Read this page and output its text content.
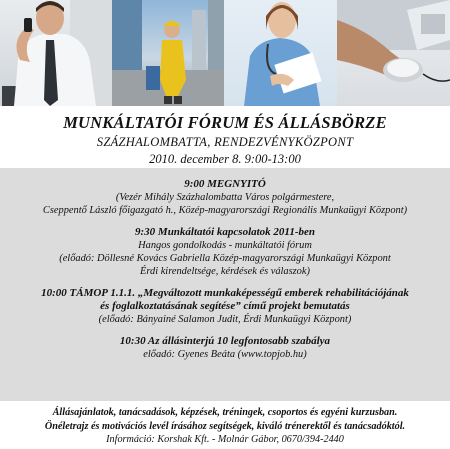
MUNKÁLTATÓI FÓRUM ÉS ÁLLÁSBÖRZE
SZÁZHALOMBATTA, RENDEZVÉNYKÖZPONT
2010. december 8. 9:00-13:00
9:00 MEGNYITÓ
(Vezér Mihály Százhalombatta Város polgármestere,
Cseppentő László főigazgató h., Közép-magyarországi Regionális Munkaügyi Központ)
9:30 Munkáltatói kapcsolatok 2011-ben
Hangos gondolkodás - munkáltatói fórum
(előadó: Döllesné Kovács Gabriella Közép-magyarországi Munkaügyi Központ
Érdi kirendeltsége, kérdések és válaszok)
10:00 TÁMOP 1.1.1. „Megváltozott munkaképességű emberek rehabilitációjának
és foglalkoztatásának segítése” című projekt bemutatás
(előadó: Bányainé Salamon Judit, Érdi Munkaügyi Központ)
10:30 Az állásinterjú 10 legfontosabb szabálya
előadó: Gyenes Beáta (www.topjob.hu)
Állásajánlatok, tanácsadások, képzések, tréningek, csoportos és egyéni kurzusban.
Önéletrajz és motivációs levél írásához segítségek, kiváló trénerektől és tanácsadóktól.
Információ: Korshak Kft. - Molnár Gábor, 0670/394-2440
